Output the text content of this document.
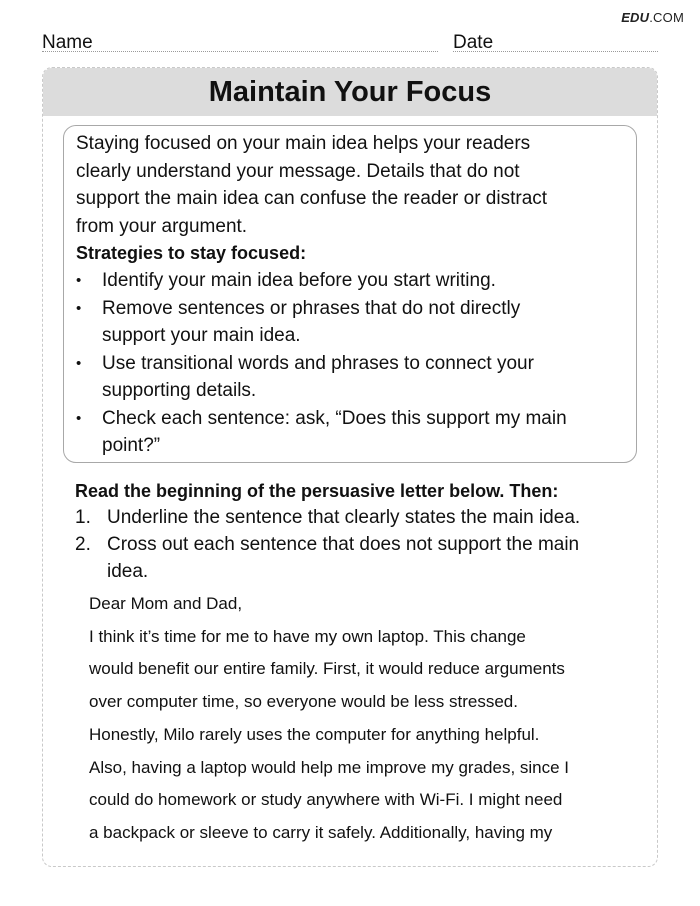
EDU.COM
Name	Date
Maintain Your Focus

Staying focused on your main idea helps your readers
clearly understand your message. Details that do not
support the main idea can confuse the reader or distract
from your argument.

Strategies to stay focused:

• Identify your main idea before you start writing.
• Remove sentences or phrases that do not directly
support your main idea.
• Use transitional words and phrases to connect your
supporting details.
• Check each sentence: ask, “Does this support my main
point?”

Read the beginning of the persuasive letter below. Then:

1. Underline the sentence that clearly states the main idea.
2. Cross out each sentence that does not support the main
idea.
Dear Mom and Dad,
I think it’s time for me to have my own laptop. This change
would benefit our entire family. First, it would reduce arguments
over computer time, so everyone would be less stressed.
Honestly, Milo rarely uses the computer for anything helpful.
Also, having a laptop would help me improve my grades, since I
could do homework or study anywhere with Wi-Fi. I might need
a backpack or sleeve to carry it safely. Additionally, having my
